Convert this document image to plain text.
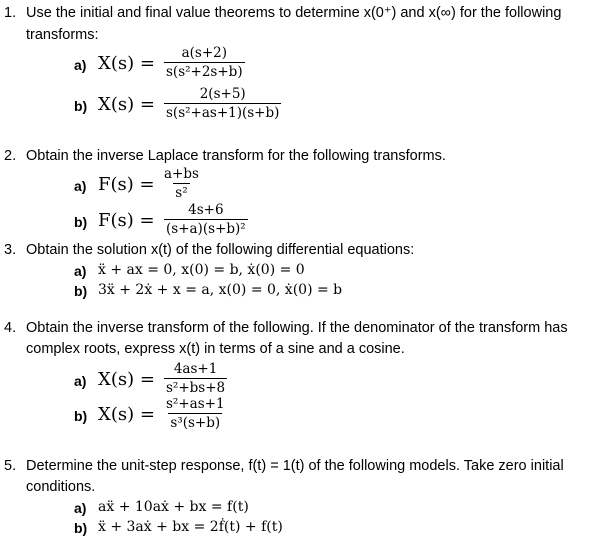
1. Use the initial and final value theorems to determine x(0⁺) and x(∞) for the following
transforms:
a) $X(s) = \frac{a(s+2)}{\text{s(s²+2s+b)}}$
b) $X(s) = \frac{2(s+5)}{\text{s(s²+as+1)(s+b)}}$
2. Obtain the inverse Laplace transform for the following transforms.
a) $F(s) = \frac{a+bs}{\text{s²}}$
b) $F(s) = \frac{4s+6}{\text{(s+a)(s+b)²}}$
3. Obtain the solution x(t) of the following differential equations:
a) ẍ + ax = 0, x(0) = b, ẋ(0) = 0
b) 3ẍ + 2ẋ + x = a, x(0) = 0, ẋ(0) = b
4. Obtain the inverse transform of the following. If the denominator of the transform has
complex roots, express x(t) in terms of a sine and a cosine.
a) $X(s) = \frac{4as+1}{\text{s²+bs+8}}$
b) $X(s) = \frac{\text{s²+as+1}}{\text{s³(s+b)}}$
5. Determine the unit-step response, f(t) = 1(t) of the following models. Take zero initial
conditions.
a) aẍ + 10aẋ + bx = f(t)
b) ẍ + 3aẋ + bx = 2ḟ(t) + f(t)
